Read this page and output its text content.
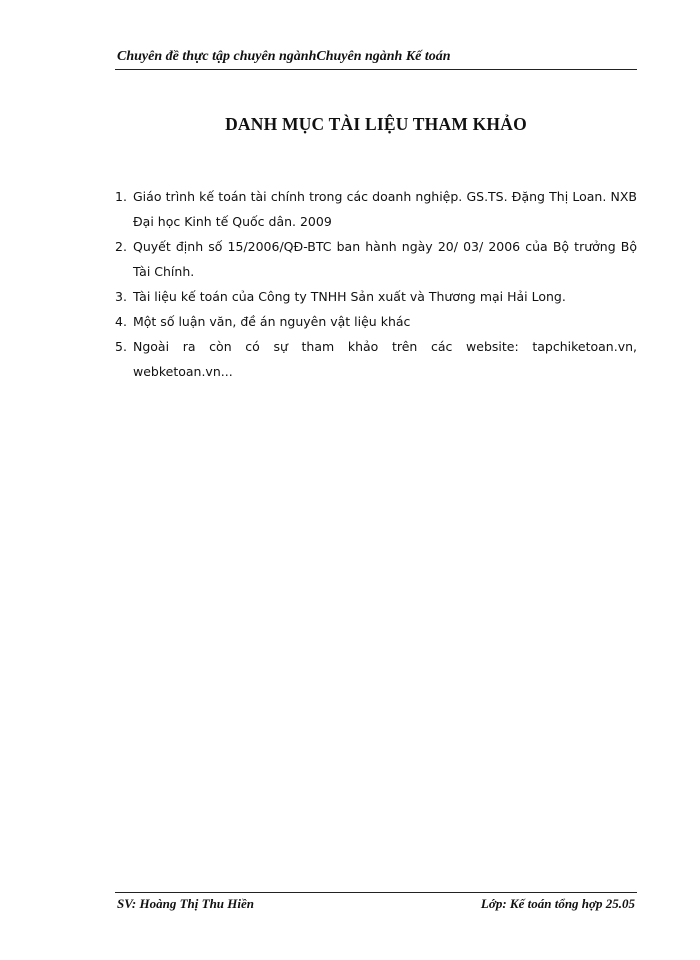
Chuyên đề thực tập chuyên ngànhChuyên ngành Kế toán
DANH MỤC TÀI LIỆU THAM KHẢO
1. Giáo trình kế toán tài chính trong các doanh nghiệp. GS.TS. Đặng Thị Loan. NXB Đại học Kinh tế Quốc dân. 2009
2. Quyết định số 15/2006/QĐ-BTC ban hành ngày 20/ 03/ 2006 của Bộ trưởng Bộ Tài Chính.
3. Tài liệu kế toán của Công ty TNHH Sản xuất và Thương mại Hải Long.
4. Một số luận văn, đề án nguyên vật liệu khác
5. Ngoài ra còn có sự tham khảo trên các website: tapchiketoan.vn, webketoan.vn...
SV: Hoàng Thị Thu Hiền	Lớp: Kế toán tổng hợp 25.05
